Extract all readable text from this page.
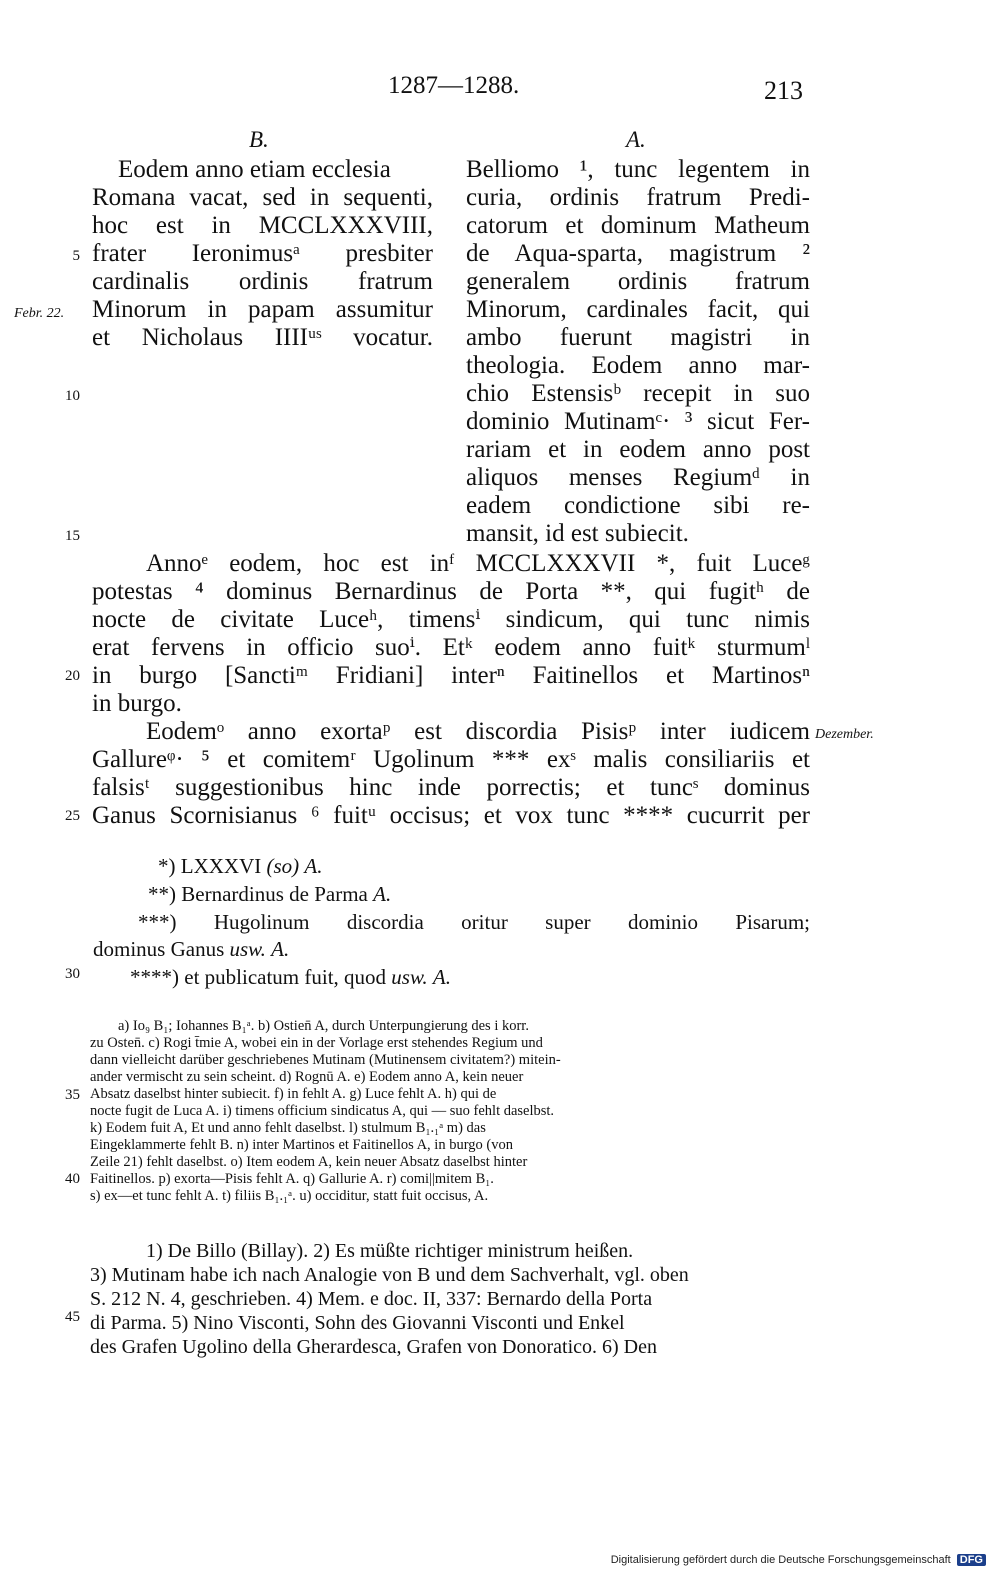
1287—1288.	213
B.	A.
Eodem anno etiam ecclesia
Romana vacat, sed in sequenti,
hoc est in MCCLXXXVIII,
frater Ieronimusᵃ presbiter
cardinalis ordinis fratrum
Minorum in papam assumitur
et Nicholaus IIIIᵘˢ vocatur.
Belliomo ¹, tunc legentem in
curia, ordinis fratrum Predi-
catorum et dominum Matheum
de Aqua-sparta, magistrum ²
generalem ordinis fratrum
Minorum, cardinales facit, qui
ambo fuerunt magistri in
theologia. Eodem anno mar-
chio Estensisᵇ recepit in suo
dominio Mutinamᶜ· ³ sicut Fer-
rariam et in eodem anno post
aliquos menses Regiumᵈ in
eadem condictione sibi re-
mansit, id est subiecit.
Annoᵉ eodem, hoc est inᶠ MCCLXXXVII *, fuit Luceᵍ
potestas ⁴ dominus Bernardinus de Porta **, qui fugitʰ de
nocte de civitate Luceʰ, timensⁱ sindicum, qui tunc nimis
erat fervens in officio suoⁱ. Etᵏ eodem anno fuitᵏ sturmumˡ
in burgo [Sanctiᵐ Fridiani] interⁿ Faitinellos et Martinosⁿ
in burgo.
Eodemᵒ anno exortaᵖ est discordia Pisisᵖ inter iudicem
Gallureᵠ· ⁵ et comitemʳ Ugolinum *** exˢ malis consiliariis et
falsisᵗ suggestionibus hinc inde porrectis; et tuncˢ dominus
Ganus Scornisianus ⁶ fuitᵘ occisus; et vox tunc **** cucurrit per
Febr. 22.
Dezember.
5
10
15
20
25
30
35
40
45
*) LXXXVI (so) A.
**) Bernardinus de Parma A.
***) Hugolinum discordia oritur super dominio Pisarum;
dominus Ganus usw. A.
****) et publicatum fuit, quod usw. A.
a) Io₉ B₁; Iohannes B₁ᵃ. b) Ostien̄ A, durch Unterpungierung des i korr.
zu Osten̄. c) Rogi t̄mie A, wobei ein in der Vorlage erst stehendes Regium und
dann vielleicht darüber geschriebenes Mutinam (Mutinensem civitatem?) mitein-
ander vermischt zu sein scheint. d) Rognū A. e) Eodem anno A, kein neuer
Absatz daselbst hinter subiecit. f) in fehlt A. g) Luce fehlt A. h) qui de
nocte fugit de Luca A. i) timens officium sindicatus A, qui — suo fehlt daselbst.
k) Eodem fuit A, Et und anno fehlt daselbst. l) stulmum B₁.₁ᵃ m) das
Eingeklammerte fehlt B. n) inter Martinos et Faitinellos A, in burgo (von
Zeile 21) fehlt daselbst. o) Item eodem A, kein neuer Absatz daselbst hinter
Faitinellos. p) exorta—Pisis fehlt A. q) Gallurie A. r) comi||mitem B₁.
s) ex—et tunc fehlt A. t) filiis B₁.₁ᵃ. u) occiditur, statt fuit occisus, A.
1) De Billo (Billay). 2) Es müßte richtiger ministrum heißen.
3) Mutinam habe ich nach Analogie von B und dem Sachverhalt, vgl. oben
S. 212 N. 4, geschrieben. 4) Mem. e doc. II, 337: Bernardo della Porta
di Parma. 5) Nino Visconti, Sohn des Giovanni Visconti und Enkel
des Grafen Ugolino della Gherardesca, Grafen von Donoratico. 6) Den
Digitalisierung gefördert durch die Deutsche Forschungsgemeinschaft DFG
